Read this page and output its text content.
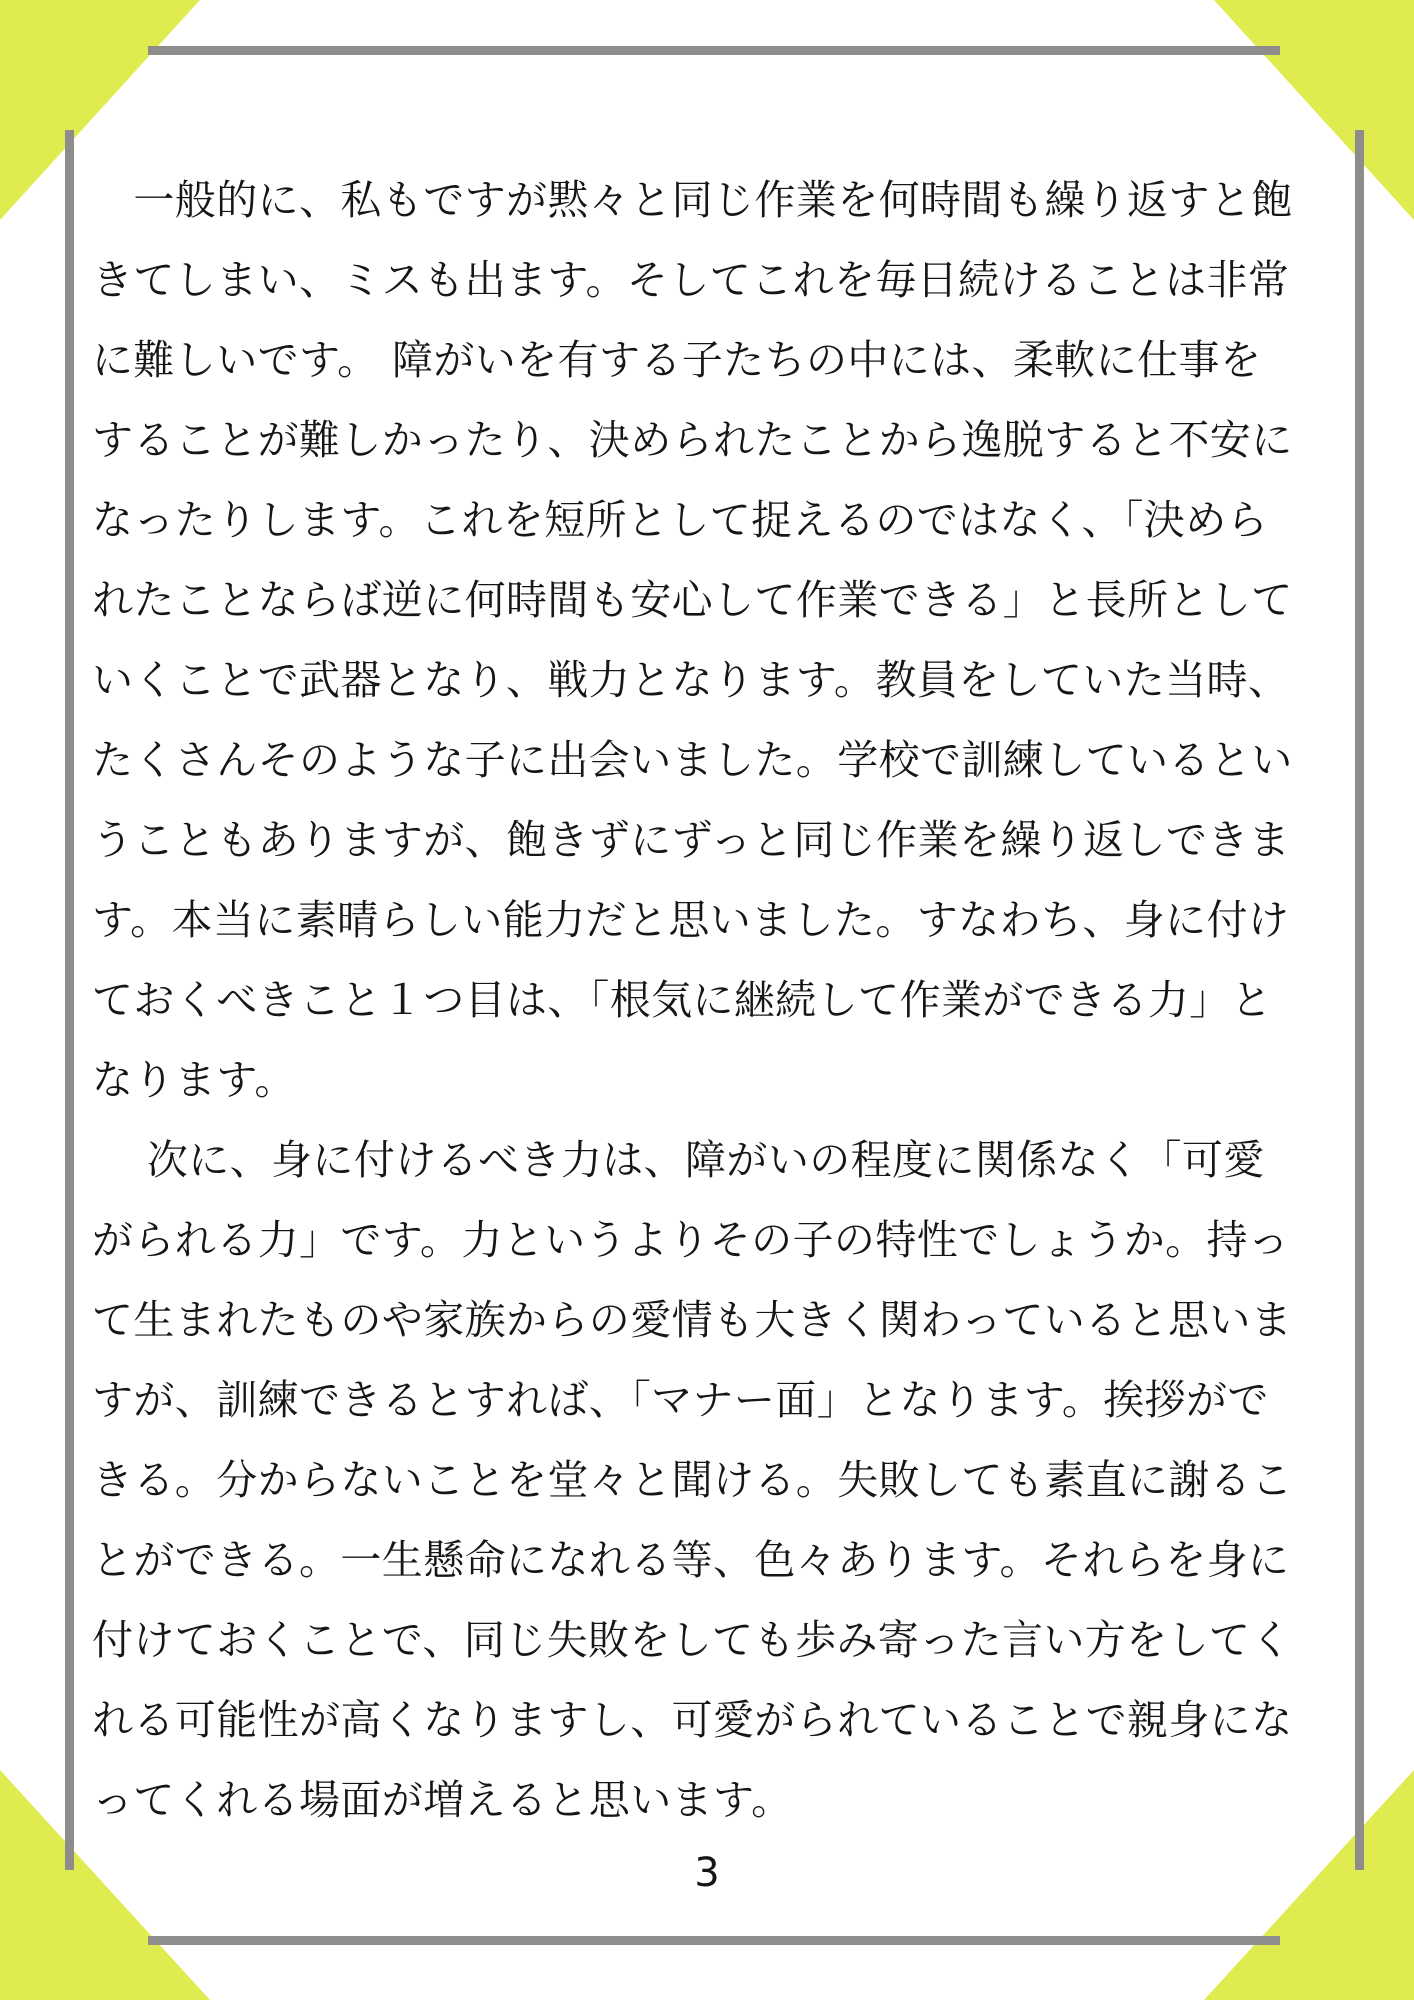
　一般的に、私もですが黙々と同じ作業を何時間も繰り返すと飽
きてしまい、ミスも出ます。そしてこれを毎日続けることは非常
に難しいです。 障がいを有する子たちの中には、柔軟に仕事を
することが難しかったり、決められたことから逸脱すると不安に
なったりします。これを短所として捉えるのではなく、「決めら
れたことならば逆に何時間も安心して作業できる」と長所として
いくことで武器となり、戦力となります。教員をしていた当時、
たくさんそのような子に出会いました。学校で訓練しているとい
うこともありますが、飽きずにずっと同じ作業を繰り返しできま
す。本当に素晴らしい能力だと思いました。すなわち、身に付け
ておくべきこと１つ目は、「根気に継続して作業ができる力」と
なります。
　 次に、身に付けるべき力は、障がいの程度に関係なく「可愛
がられる力」です。力というよりその子の特性でしょうか。持っ
て生まれたものや家族からの愛情も大きく関わっていると思いま
すが、訓練できるとすれば、「マナー面」となります。挨拶がで
きる。分からないことを堂々と聞ける。失敗しても素直に謝るこ
とができる。一生懸命になれる等、色々あります。それらを身に
付けておくことで、同じ失敗をしても歩み寄った言い方をしてく
れる可能性が高くなりますし、可愛がられていることで親身にな
ってくれる場面が増えると思います。
3
